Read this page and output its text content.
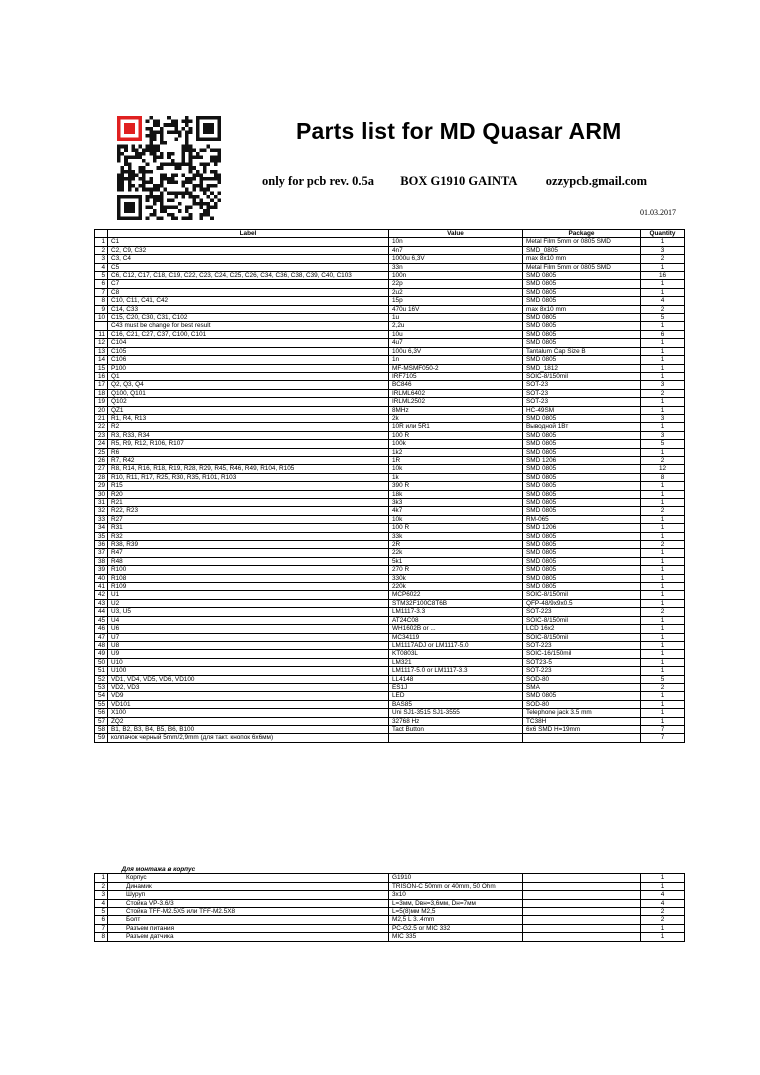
Parts list for MD Quasar ARM
only for pcb rev. 0.5a BOX G1910 GAINTA ozzypcb.gmail.com
01.03.2017
	Label	Value	Package	Quantity
1	C1	10n	Metal Film 5mm or 0805 SMD	1
2	C2, C9, C32	4n7	SMD_0805	3
3	C3, C4	1000u 6,3V	max 8x10 mm	2
4	C5	33n	Metal Film 5mm or 0805 SMD	1
5	C6, C12, C17, C18, C19, C22, C23, C24, C25, C26, C34, C36, C38, C39, C40, C103	100n	SMD 0805	16
6	C7	22p	SMD 0805	1
7	C8	2u2	SMD 0805	1
8	C10, C11, C41, C42	15p	SMD 0805	4
9	C14, C33	470u 16V	max 8x10 mm	2
10	C15, C20, C30, C31, C102	1u	SMD 0805	5
	C43 must be change for best result	2,2u	SMD 0805	1
11	C16, C21, C27, C37, C100, C101	10u	SMD 0805	6
12	C104	4u7	SMD 0805	1
13	C105	100u 6,3V	Tantalum Cap Size B	1
14	C106	1n	SMD 0805	1
15	P100	MF-MSMF050-2	SMD_1812	1
16	Q1	IRF7105	SOIC-8/150mil	1
17	Q2, Q3, Q4	BC846	SOT-23	3
18	Q100, Q101	IRLML6402	SOT-23	2
19	Q102	IRLML2502	SOT-23	1
20	QZ1	8MHz	HC-49SM	1
21	R1, R4, R13	2k	SMD 0805	3
22	R2	10R или 5R1	Выводной 1Вт	1
23	R3, R33, R34	100 R	SMD 0805	3
24	R5, R9, R12, R106, R107	100k	SMD 0805	5
25	R6	1k2	SMD 0805	1
26	R7, R42	1R	SMD 1206	2
27	R8, R14, R16, R18, R19, R28, R29, R45, R46, R49, R104, R105	10k	SMD 0805	12
28	R10, R11, R17, R25, R30, R35, R101, R103	1k	SMD 0805	8
29	R15	390 R	SMD 0805	1
30	R20	18k	SMD 0805	1
31	R21	3k3	SMD 0805	1
32	R22, R23	4k7	SMD 0805	2
33	R27	10k	RM-065	1
34	R31	100 R	SMD 1206	1
35	R32	33k	SMD 0805	1
36	R38, R39	2R	SMD 0805	2
37	R47	22k	SMD 0805	1
38	R48	5k1	SMD 0805	1
39	R100	270 R	SMD 0805	1
40	R108	330k	SMD 0805	1
41	R109	220k	SMD 0805	1
42	U1	MCP6022	SOIC-8/150mil	1
43	U2	STM32F100C8T6B	QFP-48/9x9x0.5	1
44	U3, U5	LM1117-3.3	SOT-223	2
45	U4	AT24C08	SOIC-8/150mil	1
46	U6	WH1602B or ...	LCD 16x2	1
47	U7	MC34119	SOIC-8/150mil	1
48	U8	LM1117ADJ or LM1117-5.0	SOT-223	1
49	U9	KT0803L	SOIC-16/150mil	1
50	U10	LM321	SOT23-5	1
51	U100	LM1117-5.0 or LM1117-3.3	SOT-223	1
52	VD1, VD4, VD5, VD6, VD100	LL4148	SOD-80	5
53	VD2, VD3	ES1J	SMA	2
54	VD9	LED	SMD 0805	1
55	VD101	BAS85	SOD-80	1
56	X100	Uni SJ1-3515 SJ1-3555	Telephone jack 3.5 mm	1
57	ZQ2	32768 Hz	TC38H	1
58	B1, B2, B3, B4, B5, B6, B100	Tact Button	6x6 SMD H=19mm	7
59	колпачок черный 5mm/2,9mm (для такт. кнопок 6х6мм)			7
	Для монтажа в корпус			
1	Корпус	G1910		1
2	Динамик	TRISON-C 50mm or 40mm, 50 Ohm		1
3	Шуруп	3x10		4
4	Стойка VP-3.6/3	L=3мм, Dвн=3,6мм, Dн=7мм		4
5	Стойка TFF-M2.5X5 или TFF-M2.5X8	L=5(8)мм M2,5		2
6	Болт	M2,5 L 3..4mm		2
7	Разъем питания	PC-G2.5 or MIC 332		1
8	Разъем датчика	MIC 335		1
